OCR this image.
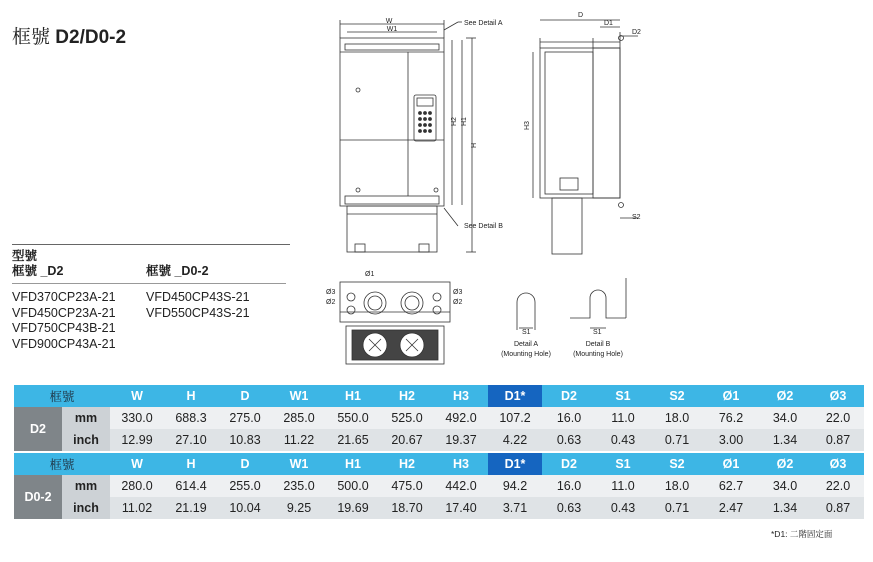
框號 D2/D0-2
型號
框號 _D2
VFD370CP23A-21
VFD450CP23A-21
VFD750CP43B-21
VFD900CP43A-21
框號 _D0-2
VFD450CP43S-21
VFD550CP43S-21
W
W1
See Detail A
See Detail B
H2 H1
H
D
D1
D2
H3
S2
Ø1
Ø3
Ø2
Ø3
Ø2
S1	S1
Detail A
(Mounting Hole)
Detail B
(Mounting Hole)
框號		W	H	D	W1	H1	H2	H3	D1*	D2	S1	S2	Ø1	Ø2	Ø3
D2	mm	330.0	688.3	275.0	285.0	550.0	525.0	492.0	107.2	16.0	11.0	18.0	76.2	34.0	22.0
	inch	12.99	27.10	10.83	11.22	21.65	20.67	19.37	4.22	0.63	0.43	0.71	3.00	1.34	0.87
框號		W	H	D	W1	H1	H2	H3	D1*	D2	S1	S2	Ø1	Ø2	Ø3
D0-2	mm	280.0	614.4	255.0	235.0	500.0	475.0	442.0	94.2	16.0	11.0	18.0	62.7	34.0	22.0
	inch	11.02	21.19	10.04	9.25	19.69	18.70	17.40	3.71	0.63	0.43	0.71	2.47	1.34	0.87
*D1: 二階固定面
